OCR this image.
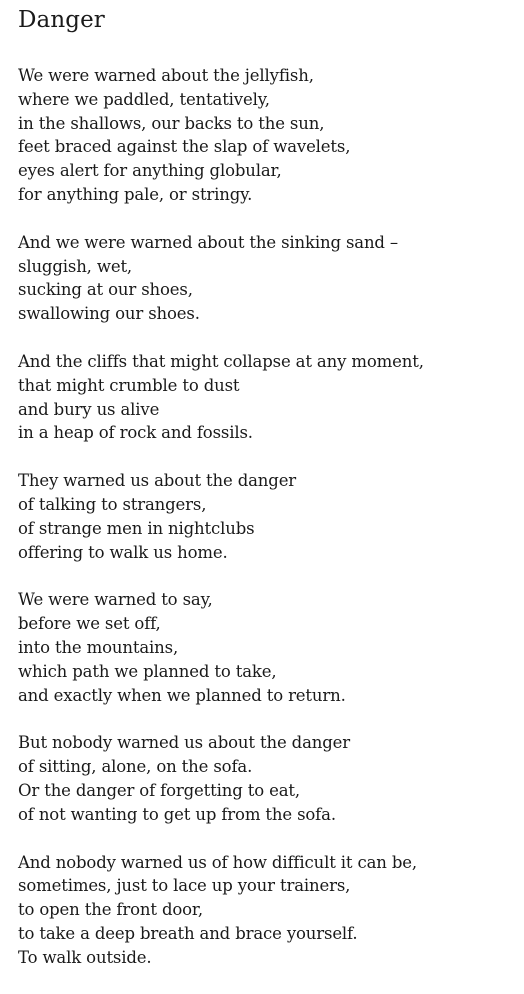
Danger
We were warned about the jellyfish,
where we paddled, tentatively,
in the shallows, our backs to the sun,
feet braced against the slap of wavelets,
eyes alert for anything globular,
for anything pale, or stringy.
And we were warned about the sinking sand –
sluggish, wet,
sucking at our shoes,
swallowing our shoes.
And the cliffs that might collapse at any moment,
that might crumble to dust
and bury us alive
in a heap of rock and fossils.
They warned us about the danger
of talking to strangers,
of strange men in nightclubs
offering to walk us home.
We were warned to say,
before we set off,
into the mountains,
which path we planned to take,
and exactly when we planned to return.
But nobody warned us about the danger
of sitting, alone, on the sofa.
Or the danger of forgetting to eat,
of not wanting to get up from the sofa.
And nobody warned us of how difficult it can be,
sometimes, just to lace up your trainers,
to open the front door,
to take a deep breath and brace yourself.
To walk outside.
